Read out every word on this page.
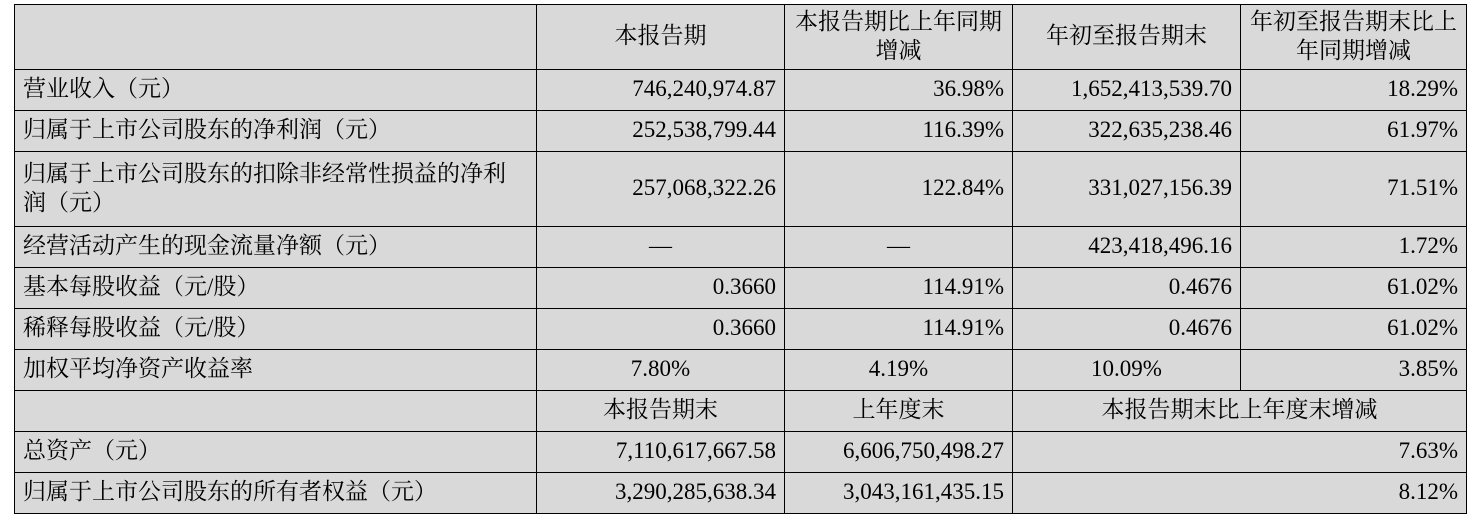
	本报告期	本报告期比上年同期增减	年初至报告期末	年初至报告期末比上年同期增减
营业收入（元）	746,240,974.87	36.98%	1,652,413,539.70	18.29%
归属于上市公司股东的净利润（元）	252,538,799.44	116.39%	322,635,238.46	61.97%
归属于上市公司股东的扣除非经常性损益的净利润（元）	257,068,322.26	122.84%	331,027,156.39	71.51%
经营活动产生的现金流量净额（元）	—	—	423,418,496.16	1.72%
基本每股收益（元/股）	0.3660	114.91%	0.4676	61.02%
稀释每股收益（元/股）	0.3660	114.91%	0.4676	61.02%
加权平均净资产收益率	7.80%	4.19%	10.09%	3.85%
	本报告期末	上年度末	本报告期末比上年度末增减	
总资产（元）	7,110,617,667.58	6,606,750,498.27	7.63%	
归属于上市公司股东的所有者权益（元）	3,290,285,638.34	3,043,161,435.15	8.12%	
